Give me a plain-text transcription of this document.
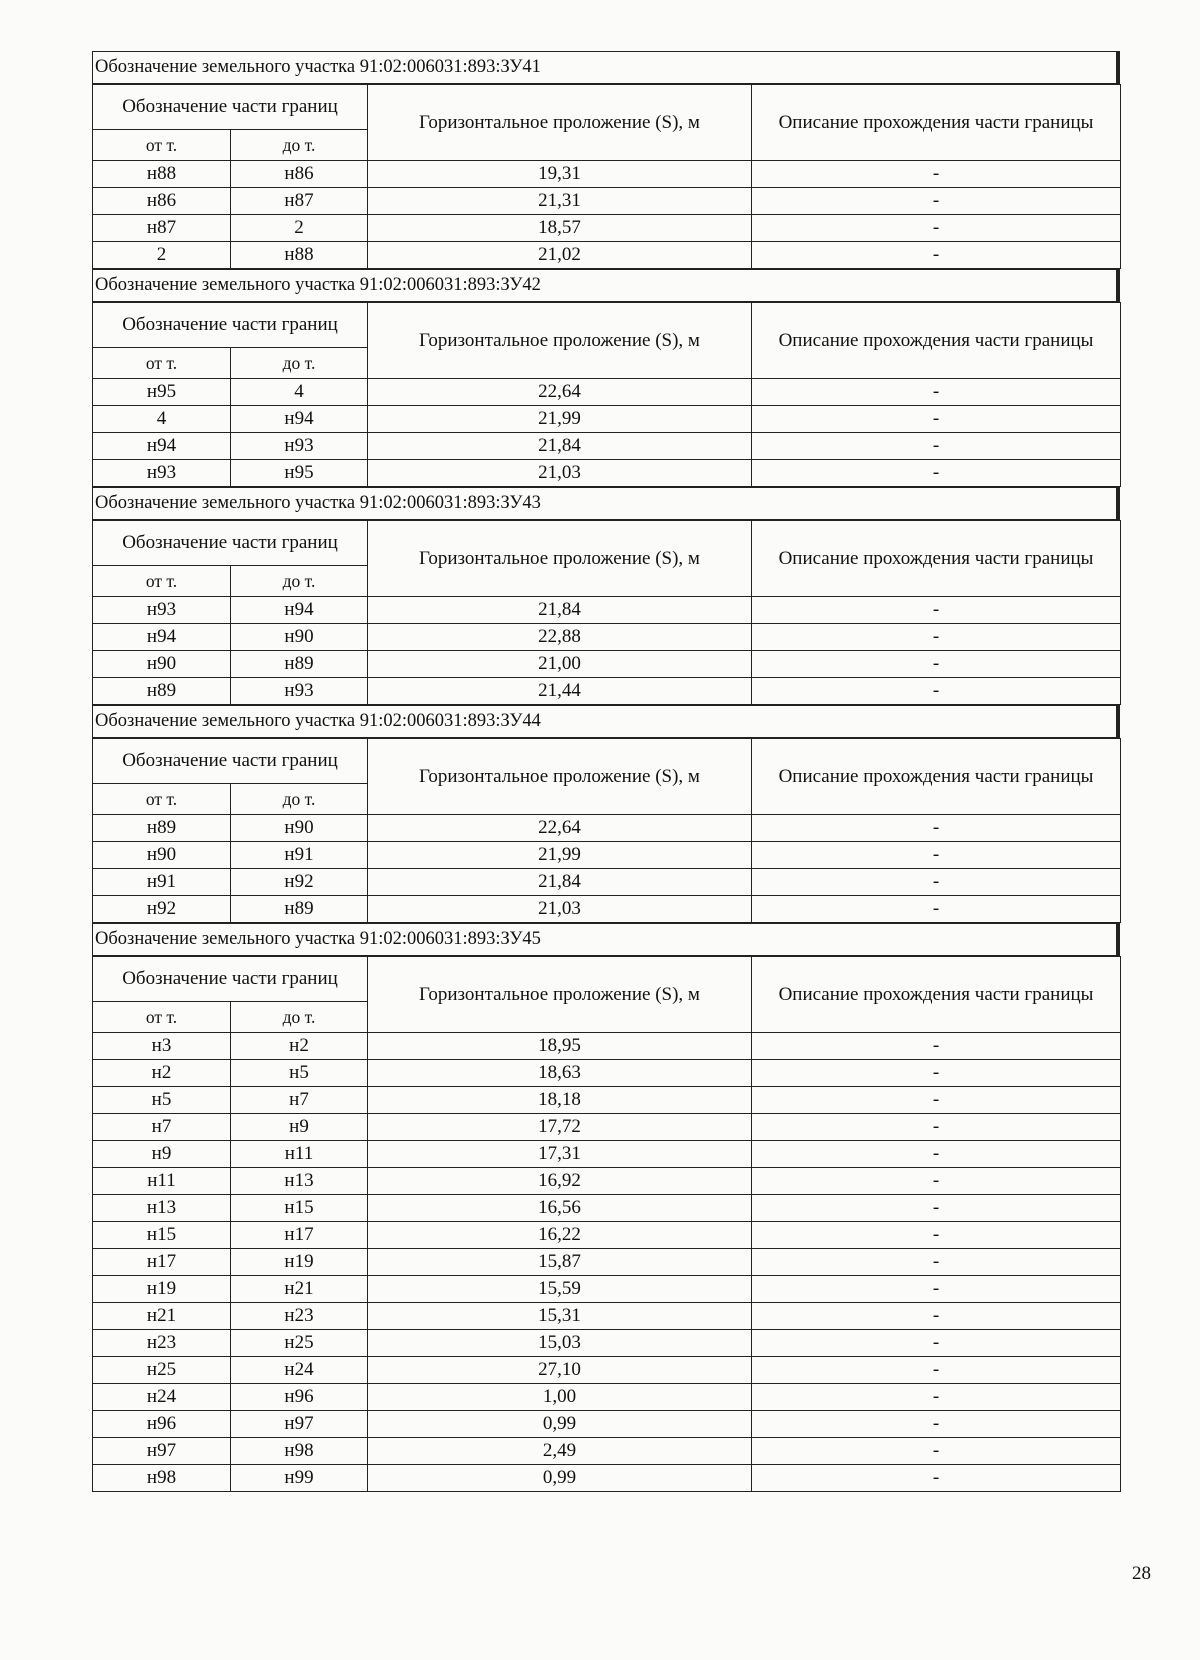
Обозначение земельного участка 91:02:006031:893:ЗУ41
Обозначение части границ		Горизонтальное проложение (S), м	Описание прохождения части границы
от т.	до т.		
н88	н86	19,31	-
н86	н87	21,31	-
н87	2	18,57	-
2	н88	21,02	-
Обозначение земельного участка 91:02:006031:893:ЗУ42
Обозначение части границ		Горизонтальное проложение (S), м	Описание прохождения части границы
от т.	до т.		
н95	4	22,64	-
4	н94	21,99	-
н94	н93	21,84	-
н93	н95	21,03	-
Обозначение земельного участка 91:02:006031:893:ЗУ43
Обозначение части границ		Горизонтальное проложение (S), м	Описание прохождения части границы
от т.	до т.		
н93	н94	21,84	-
н94	н90	22,88	-
н90	н89	21,00	-
н89	н93	21,44	-
Обозначение земельного участка 91:02:006031:893:ЗУ44
Обозначение части границ		Горизонтальное проложение (S), м	Описание прохождения части границы
от т.	до т.		
н89	н90	22,64	-
н90	н91	21,99	-
н91	н92	21,84	-
н92	н89	21,03	-
Обозначение земельного участка 91:02:006031:893:ЗУ45
Обозначение части границ		Горизонтальное проложение (S), м	Описание прохождения части границы
от т.	до т.		
н3	н2	18,95	-
н2	н5	18,63	-
н5	н7	18,18	-
н7	н9	17,72	-
н9	н11	17,31	-
н11	н13	16,92	-
н13	н15	16,56	-
н15	н17	16,22	-
н17	н19	15,87	-
н19	н21	15,59	-
н21	н23	15,31	-
н23	н25	15,03	-
н25	н24	27,10	-
н24	н96	1,00	-
н96	н97	0,99	-
н97	н98	2,49	-
н98	н99	0,99	-
28
